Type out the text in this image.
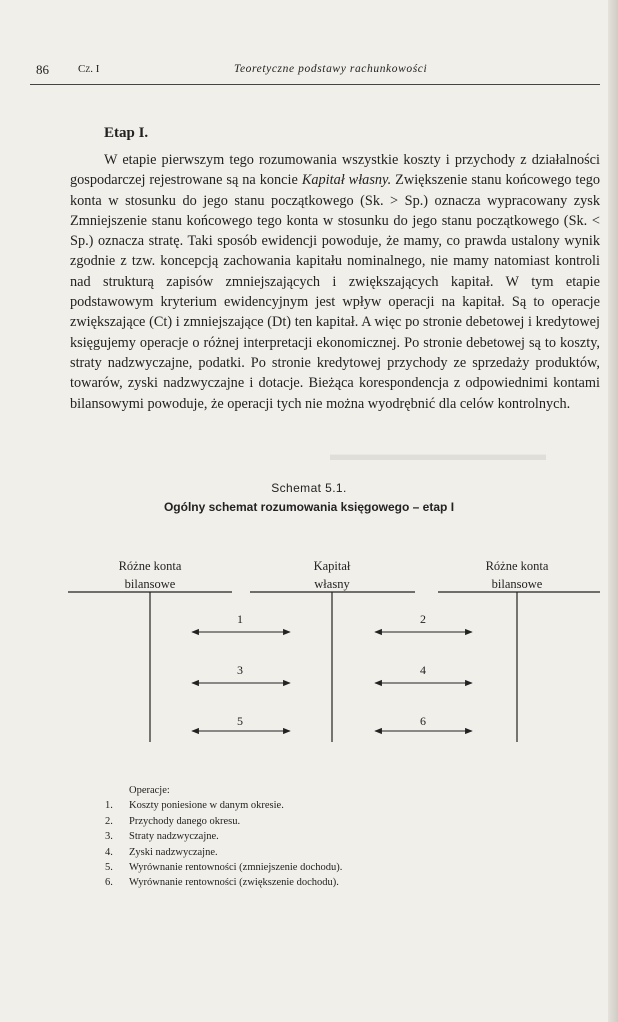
▬▬▬▬▬▬▬▬▬▬▬▬
86	Cz. I	Teoretyczne podstawy rachunkowości
Etap I.

W etapie pierwszym tego rozumowania wszystkie koszty i przychody z działalności gospodarczej rejestrowane są na koncie Kapitał własny. Zwiększenie stanu końcowego tego konta w stosunku do jego stanu początkowego (Sk. > Sp.) oznacza wypracowany zysk Zmniejszenie stanu końcowego tego konta w stosunku do jego stanu początkowego (Sk. < Sp.) oznacza stratę. Taki sposób ewidencji powoduje, że mamy, co prawda ustalony wynik zgodnie z tzw. koncepcją zachowania kapitału nominalnego, nie mamy natomiast kontroli nad strukturą zapisów zmniejszających i zwiększających kapitał. W tym etapie podstawowym kryterium ewidencyjnym jest wpływ operacji na kapitał. Są to operacje zwiększające (Ct) i zmniejszające (Dt) ten kapitał. A więc po stronie debetowej i kredytowej księgujemy operacje o różnej interpretacji ekonomicznej. Po stronie debetowej są to koszty, straty nadzwyczajne, podatki. Po stronie kredytowej przychody ze sprzedaży produktów, towarów, zyski nadzwyczajne i dotacje. Bieżąca korespondencja z odpowiednimi kontami bilansowymi powoduje, że operacji tych nie można wyodrębnić dla celów kontrolnych.

Schemat 5.1.
Ogólny schemat rozumowania księgowego – etap I
Różne konta
bilansowe
Kapitał
własny
Różne konta
bilansowe
1
3
5
2
4
6
Operacje:
1. Koszty poniesione w danym okresie.
2. Przychody danego okresu.
3. Straty nadzwyczajne.
4. Zyski nadzwyczajne.
5. Wyrównanie rentowności (zmniejszenie dochodu).
6. Wyrównanie rentowności (zwiększenie dochodu).
